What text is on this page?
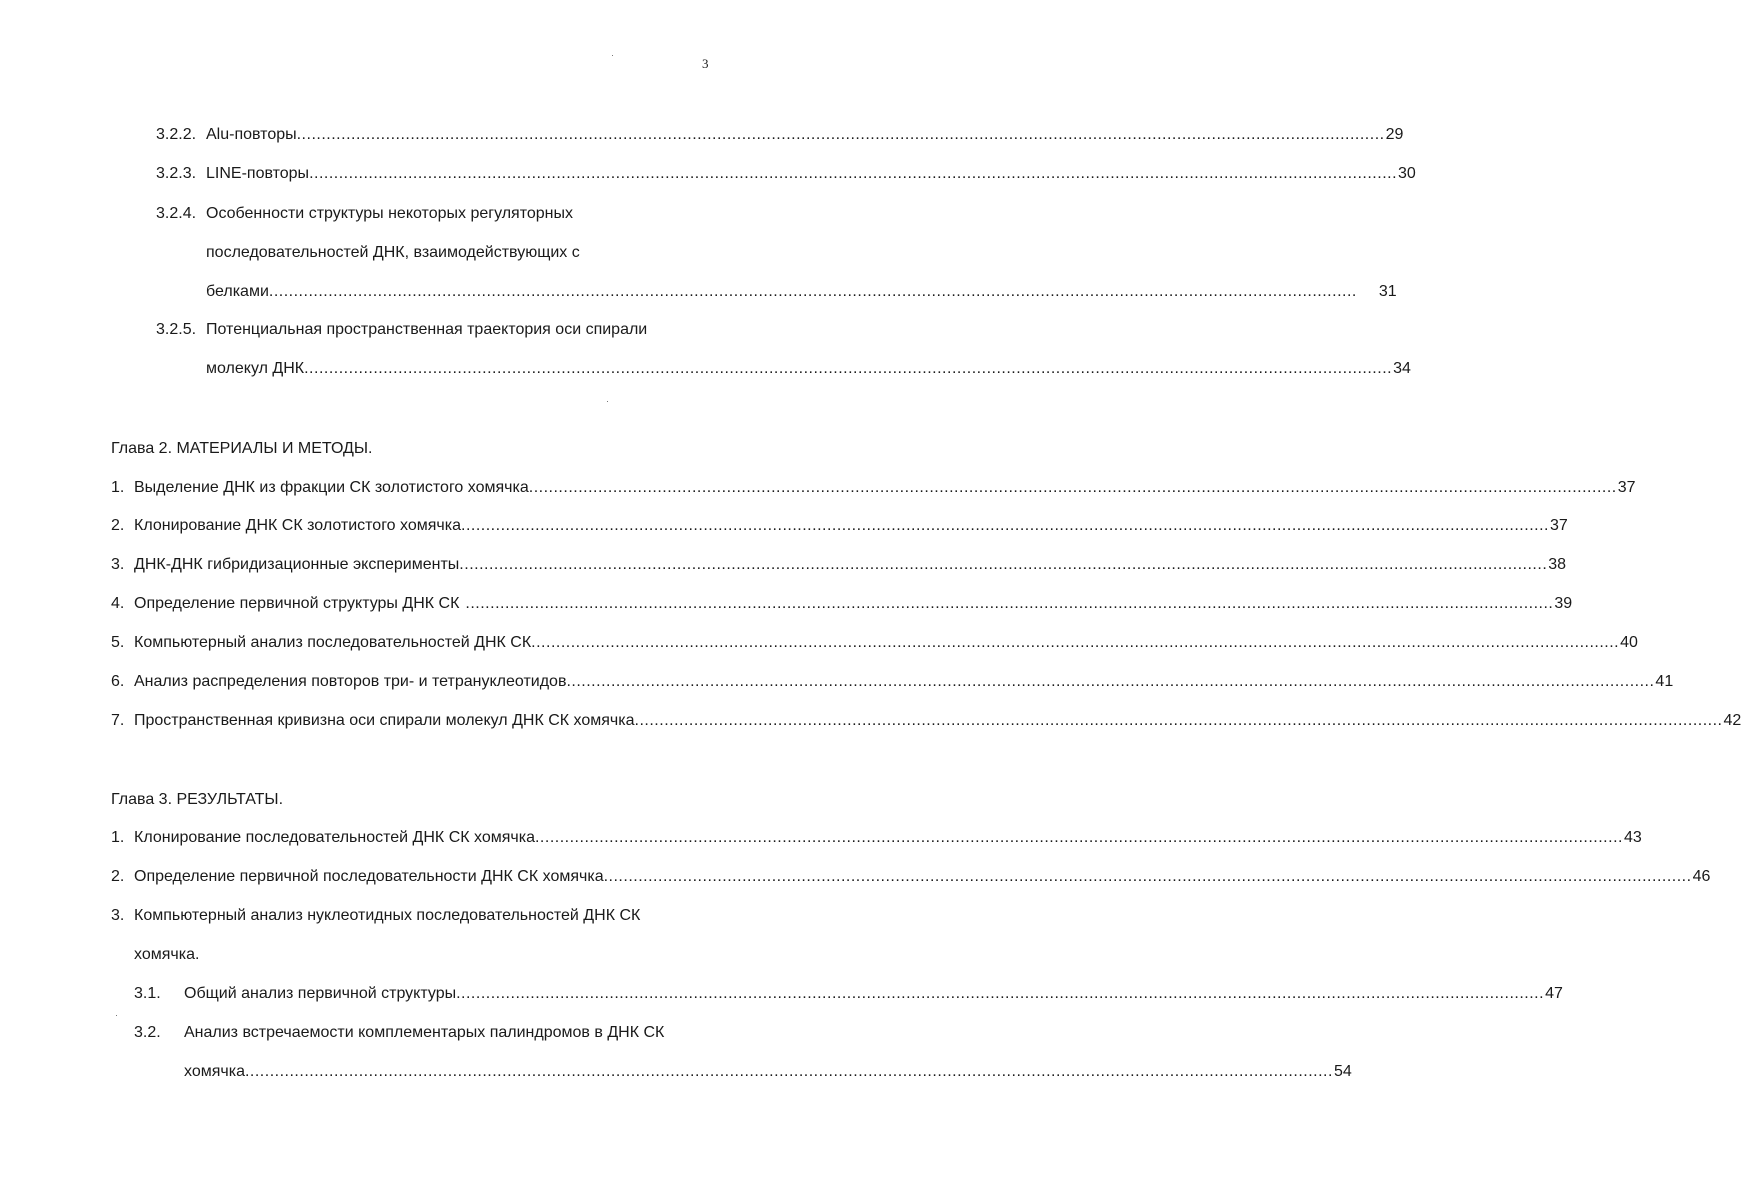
3
3.2.2. Alu-повторы ............................................................................................................................................................................................................................ 29
3.2.3. LINE-повторы ............................................................................................................................................................................................................................ 30
3.2.4. Особенности структуры некоторых регуляторных
последовательностей ДНК, взаимодействующих с
белками ............................................................................................................................................................................................................................	31
3.2.5. Потенциальная пространственная траектория оси спирали
молекул ДНК ............................................................................................................................................................................................................................ 34
Глава 2. МАТЕРИАЛЫ И МЕТОДЫ.
1. Выделение ДНК из фракции СК золотистого хомячка ............................................................................................................................................................................................................................ 37
2. Клонирование ДНК СК золотистого хомячка ............................................................................................................................................................................................................................ 37
3. ДНК-ДНК гибридизационные эксперименты ............................................................................................................................................................................................................................ 38
4. Определение первичной структуры ДНК СК ............................................................................................................................................................................................................................ 39
5. Компьютерный анализ последовательностей ДНК СК ............................................................................................................................................................................................................................ 40
6. Анализ распределения повторов три- и тетрануклеотидов ............................................................................................................................................................................................................................ 41
7. Пространственная кривизна оси спирали молекул ДНК СК хомячка ............................................................................................................................................................................................................................ 42
Глава 3. РЕЗУЛЬТАТЫ.
1. Клонирование последовательностей ДНК СК хомячка ............................................................................................................................................................................................................................ 43
2. Определение первичной последовательности ДНК СК хомячка ............................................................................................................................................................................................................................ 46
3. Компьютерный анализ нуклеотидных последовательностей ДНК СК
хомячка.
3.1. Общий анализ первичной структуры ............................................................................................................................................................................................................................ 47
3.2. Анализ встречаемости комплементарых палиндромов в ДНК СК
хомячка ............................................................................................................................................................................................................................ 54
